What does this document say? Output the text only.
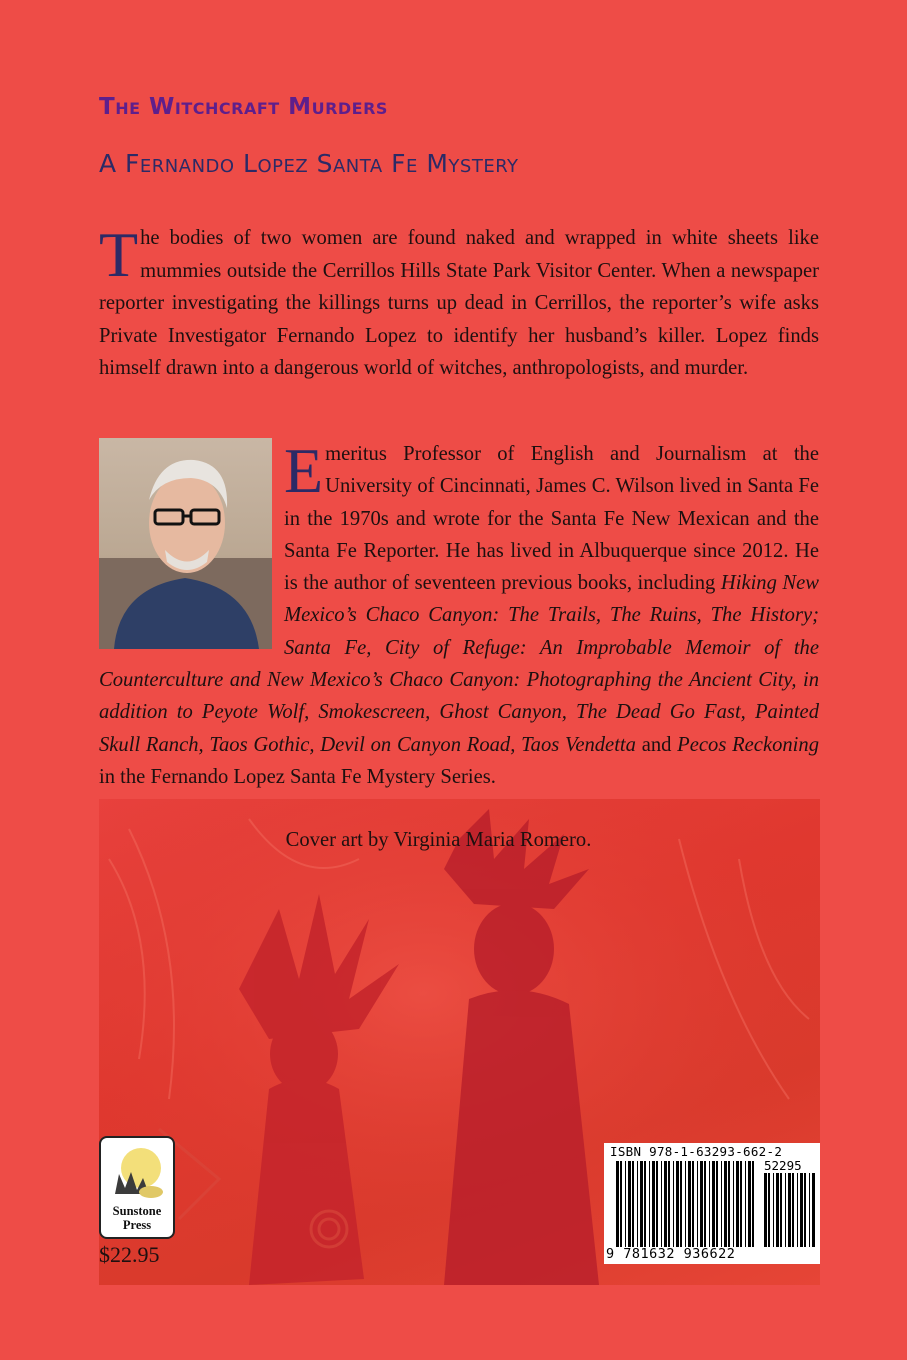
The Witchcraft Murders
A Fernando Lopez Santa Fe Mystery

The bodies of two women are found naked and wrapped in white sheets like mummies outside the Cerrillos Hills State Park Visitor Center. When a newspaper reporter investigating the killings turns up dead in Cerrillos, the reporter’s wife asks Private Investigator Fernando Lopez to identify her husband’s killer. Lopez finds himself drawn into a dangerous world of witches, anthropologists, and murder.

Emeritus Professor of English and Journalism at the University of Cincinnati, James C. Wilson lived in Santa Fe in the 1970s and wrote for the Santa Fe New Mexican and the Santa Fe Reporter. He has lived in Albuquerque since 2012. He is the author of seventeen previous books, including Hiking New Mexico’s Chaco Canyon: The Trails, The Ruins, The History; Santa Fe, City of Refuge: An Improbable Memoir of the Counterculture and New Mexico’s Chaco Canyon: Photographing the Ancient City, in addition to Peyote Wolf, Smokescreen, Ghost Canyon, The Dead Go Fast, Painted Skull Ranch, Taos Gothic, Devil on Canyon Road, Taos Vendetta and Pecos Reckoning in the Fernando Lopez Santa Fe Mystery Series.

Cover art by Virginia Maria Romero.
Sunstone
Press
$22.95
ISBN 978-1-63293-662-2
52295
9 781632 936622
